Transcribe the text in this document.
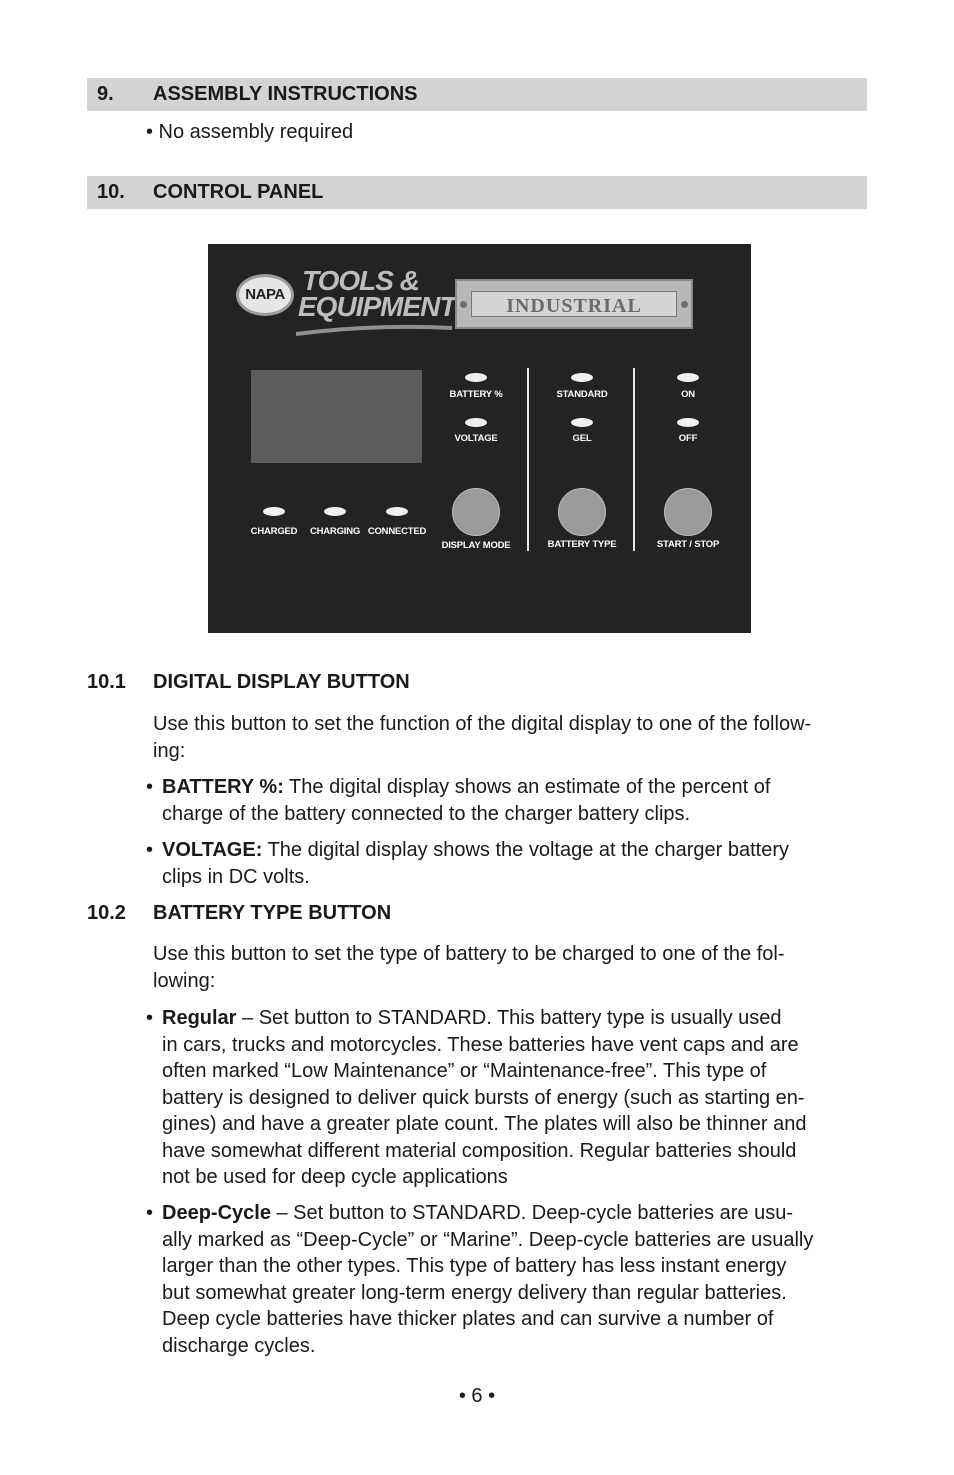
9. ASSEMBLY INSTRUCTIONS
• No assembly required
10. CONTROL PANEL
NAPA TOOLS &
EQUIPMENT	INDUSTRIAL
BATTERY %
VOLTAGE
STANDARD
GEL
ON
OFF
CHARGED CHARGING CONNECTED
DISPLAY MODE	BATTERY TYPE	START / STOP
10.1 DIGITAL DISPLAY BUTTON
Use this button to set the function of the digital display to one of the follow-
ing:
• BATTERY %: The digital display shows an estimate of the percent of
charge of the battery connected to the charger battery clips.
• VOLTAGE: The digital display shows the voltage at the charger battery
clips in DC volts.
10.2 BATTERY TYPE BUTTON
Use this button to set the type of battery to be charged to one of the fol-
lowing:
• Regular – Set button to STANDARD. This battery type is usually used
in cars, trucks and motorcycles. These batteries have vent caps and are
often marked “Low Maintenance” or “Maintenance-free”. This type of
battery is designed to deliver quick bursts of energy (such as starting en-
gines) and have a greater plate count. The plates will also be thinner and
have somewhat different material composition. Regular batteries should
not be used for deep cycle applications
• Deep-Cycle – Set button to STANDARD. Deep-cycle batteries are usu-
ally marked as “Deep-Cycle” or “Marine”. Deep-cycle batteries are usually
larger than the other types. This type of battery has less instant energy
but somewhat greater long-term energy delivery than regular batteries.
Deep cycle batteries have thicker plates and can survive a number of
discharge cycles.
• 6 •
